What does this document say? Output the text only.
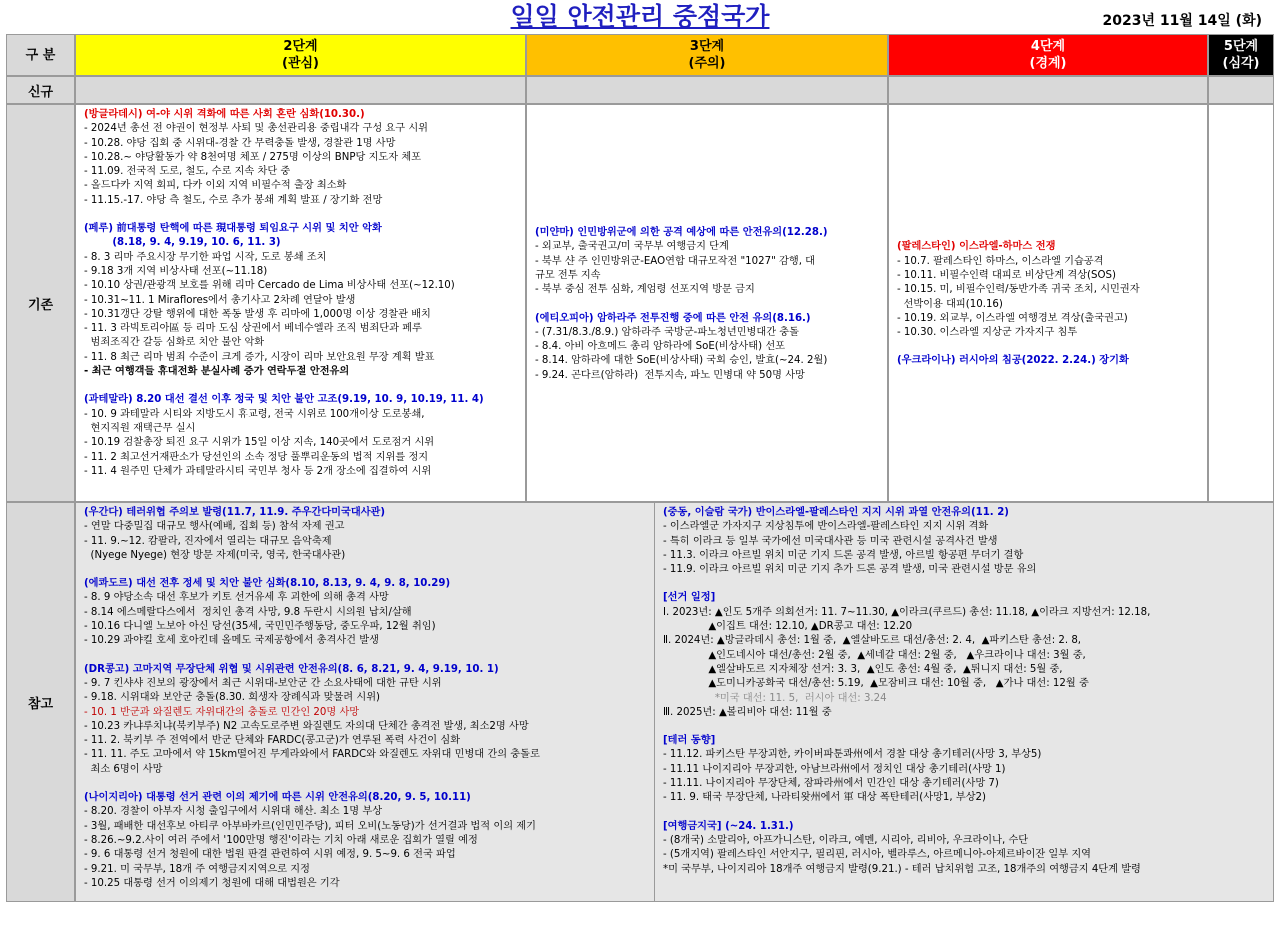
일일 안전관리 중점국가	2023년 11월 14일 (화)
구 분
2단계
(관심)
3단계
(주의)
4단계
(경계)
5단계
(심각)
신규
기존
(방글라데시) 여-야 시위 격화에 따른 사회 혼란 심화(10.30.)
- 2024년 총선 전 야권이 현정부 사퇴 및 총선관리용 중립내각 구성 요구 시위
- 10.28. 야당 집회 중 시위대-경찰 간 무력충돌 발생, 경찰관 1명 사망
- 10.28.~ 야당활동가 약 8천여명 체포 / 275명 이상의 BNP당 지도자 체포
- 11.09. 전국적 도로, 철도, 수로 지속 차단 중
- 올드다카 지역 회피, 다카 이외 지역 비필수적 출장 최소화
- 11.15.-17. 야당 측 철도, 수로 추가 봉쇄 계획 발표 / 장기화 전망
(페루) 前대통령 탄핵에 따른 現대통령 퇴임요구 시위 및 치안 악화
(8.18, 9. 4, 9.19, 10. 6, 11. 3)
- 8. 3 리마 주요시장 무기한 파업 시작, 도로 봉쇄 조치
- 9.18 3개 지역 비상사태 선포(~11.18)
- 10.10 상권/관광객 보호를 위해 리마 Cercado de Lima 비상사태 선포(~12.10)
- 10.31~11. 1 Miraflores에서 총기사고 2차례 연달아 발생
- 10.31갱단 강탈 행위에 대한 폭동 발생 후 리마에 1,000명 이상 경찰관 배치
- 11. 3 라빅토리아區 등 리마 도심 상권에서 베네수엘라 조직 범죄단과 페루
범죄조직간 갈등 심화로 치안 불안 악화
- 11. 8 최근 리마 범죄 수준이 크게 증가, 시장이 리마 보안요원 무장 계획 발표
- 최근 여행객들 휴대전화 분실사례 증가 연락두절 안전유의
(과테말라) 8.20 대선 결선 이후 정국 및 치안 불안 고조(9.19, 10. 9, 10.19, 11. 4)
- 10. 9 과테말라 시티와 지방도시 휴교령, 전국 시위로 100개이상 도로봉쇄,
현지직원 재택근무 실시
- 10.19 검찰총장 퇴진 요구 시위가 15일 이상 지속, 140곳에서 도로점거 시위
- 11. 2 최고선거재판소가 당선인의 소속 정당 풀뿌리운동의 법적 지위를 정지
- 11. 4 원주민 단체가 과테말라시티 국민부 청사 등 2개 장소에 집결하여 시위
(미얀마) 인민방위군에 의한 공격 예상에 따른 안전유의(12.28.)
- 외교부, 출국권고/미 국무부 여행금지 단계
- 북부 샨 주 인민방위군-EAO연합 대규모작전 "1027" 감행, 대
규모 전투 지속
- 북부 중심 전투 심화, 계엄령 선포지역 방문 금지
(에티오피아) 암하라주 전투진행 중에 따른 안전 유의(8.16.)
- (7.31/8.3./8.9.) 암하라주 국방군-파노청년민병대간 충돌
- 8.4. 아비 아흐메드 총리 암하라에 SoE(비상사태) 선포
- 8.14. 암하라에 대한 SoE(비상사태) 국회 승인, 발효(~24. 2월)
- 9.24. 곤다르(암하라)  전투지속, 파노 민병대 약 50명 사망
(팔레스타인) 이스라엘-하마스 전쟁
- 10.7. 팔레스타인 하마스, 이스라엘 기습공격
- 10.11. 비필수인력 대피로 비상단계 격상(SOS)
- 10.15. 미, 비필수인력/동반가족 귀국 조치, 시민권자
선박이용 대피(10.16)
- 10.19. 외교부, 이스라엘 여행경보 격상(출국권고)
- 10.30. 이스라엘 지상군 가자지구 침투
(우크라이나) 러시아의 침공(2022. 2.24.) 장기화
참고
(우간다) 테러위협 주의보 발령(11.7, 11.9. 주우간다미국대사관)
- 연말 다중밀집 대규모 행사(예배, 집회 등) 참석 자제 권고
- 11. 9.~12. 캄팔라, 진자에서 열리는 대규모 음악축제
(Nyege Nyege) 현장 방문 자제(미국, 영국, 한국대사관)
(에콰도르) 대선 전후 정세 및 치안 불안 심화(8.10, 8.13, 9. 4, 9. 8, 10.29)
- 8. 9 야당소속 대선 후보가 키토 선거유세 후 괴한에 의해 총격 사망
- 8.14 에스메랄다스에서  정치인 총격 사망, 9.8 두란시 시의원 납치/살해
- 10.16 다니엘 노보아 아신 당선(35세, 국민민주행동당, 중도우파, 12월 취임)
- 10.29 과야킬 호세 호아킨데 올메도 국제공항에서 총격사건 발생
(DR콩고) 고마지역 무장단체 위협 및 시위관련 안전유의(8. 6, 8.21, 9. 4, 9.19, 10. 1)
- 9. 7 킨샤샤 진보의 광장에서 최근 시위대-보안군 간 소요사태에 대한 규탄 시위
- 9.18. 시위대와 보안군 충돌(8.30. 희생자 장례식과 맞물려 시위)
- 10. 1 반군과 와질렌도 자위대간의 충돌로 민간인 20명 사망
- 10.23 카냐루치냐(북키부주) N2 고속도로주변 와질렌도 자의대 단체간 총격전 발생, 최소2명 사망
- 11. 2. 북키부 주 전역에서 반군 단체와 FARDC(콩고군)가 연루된 폭력 사건이 심화
- 11. 11. 주도 고마에서 약 15km떨어진 무게라와에서 FARDC와 와질렌도 자위대 민병대 간의 충돌로
최소 6명이 사망
(나이지리아) 대통령 선거 관련 이의 제기에 따른 시위 안전유의(8.20, 9. 5, 10.11)
- 8.20. 경찰이 아부자 시청 출입구에서 시위대 해산. 최소 1명 부상
- 3월, 패배한 대선후보 아티쿠 아부바카르(인민민주당), 피터 오비(노동당)가 선거결과 법적 이의 제기
- 8.26.~9.2.사이 여러 주에서 '100만명 행진'이라는 기치 아래 새로운 집회가 열릴 예정
- 9. 6 대통령 선거 청원에 대한 법원 판결 관련하여 시위 예정, 9. 5~9. 6 전국 파업
- 9.21. 미 국무부, 18개 주 여행금지지역으로 지정
- 10.25 대통령 선거 이의제기 청원에 대해 대법원은 기각
(중동, 이슬람 국가) 반이스라엘-팔레스타인 지지 시위 과열 안전유의(11. 2)
- 이스라엘군 가자지구 지상침투에 반이스라엘-팔레스타인 지지 시위 격화
- 특히 이라크 등 일부 국가에선 미국대사관 등 미국 관련시설 공격사건 발생
- 11.3. 이라크 아르빌 위치 미군 기지 드론 공격 발생, 아르빌 항공편 무더기 결항
- 11.9. 이라크 아르빌 위치 미군 기지 추가 드론 공격 발생, 미국 관련시설 방문 유의
[선거 일정]
Ⅰ. 2023년: ▲인도 5개주 의회선거: 11. 7~11.30, ▲이라크(쿠르드) 총선: 11.18, ▲이라크 지방선거: 12.18,
▲이집트 대선: 12.10, ▲DR콩고 대선: 12.20
Ⅱ. 2024년: ▲방글라데시 총선: 1월 중,  ▲엘살바도르 대선/총선: 2. 4,  ▲파키스탄 총선: 2. 8,
▲인도네시아 대선/총선: 2월 중,  ▲세네갈 대선: 2월 중,   ▲우크라이나 대선: 3월 중,
▲엘살바도르 지자체장 선거: 3. 3,  ▲인도 총선: 4월 중,  ▲튀니지 대선: 5월 중,
▲도미니카공화국 대선/총선: 5.19,  ▲모잠비크 대선: 10월 중,   ▲가나 대선: 12월 중
*미국 대선: 11. 5,  러시아 대선: 3.24
Ⅲ. 2025년: ▲볼리비아 대선: 11월 중
[테러 동향]
- 11.12. 파키스탄 무장괴한, 카이버파툰콰州에서 경찰 대상 총기테러(사망 3, 부상5)
- 11.11 나이지리아 무장괴한, 아남브라州에서 정치인 대상 총기테러(사망 1)
- 11.11. 나이지리아 무장단체, 잠파라州에서 민간인 대상 총기테러(사망 7)
- 11. 9. 태국 무장단체, 나라티왓州에서 軍 대상 폭탄테러(사망1, 부상2)
[여행금지국] (~24. 1.31.)
- (8개국) 소말리아, 아프가니스탄, 이라크, 예멘, 시리아, 리비아, 우크라이나, 수단
- (5개지역) 팔레스타인 서안지구, 필리핀, 러시아, 벨라루스, 아르메니아-아제르바이잔 일부 지역
*미 국무부, 나이지리아 18개주 여행금지 발령(9.21.) - 테러 납치위험 고조, 18개주의 여행금지 4단계 발령
